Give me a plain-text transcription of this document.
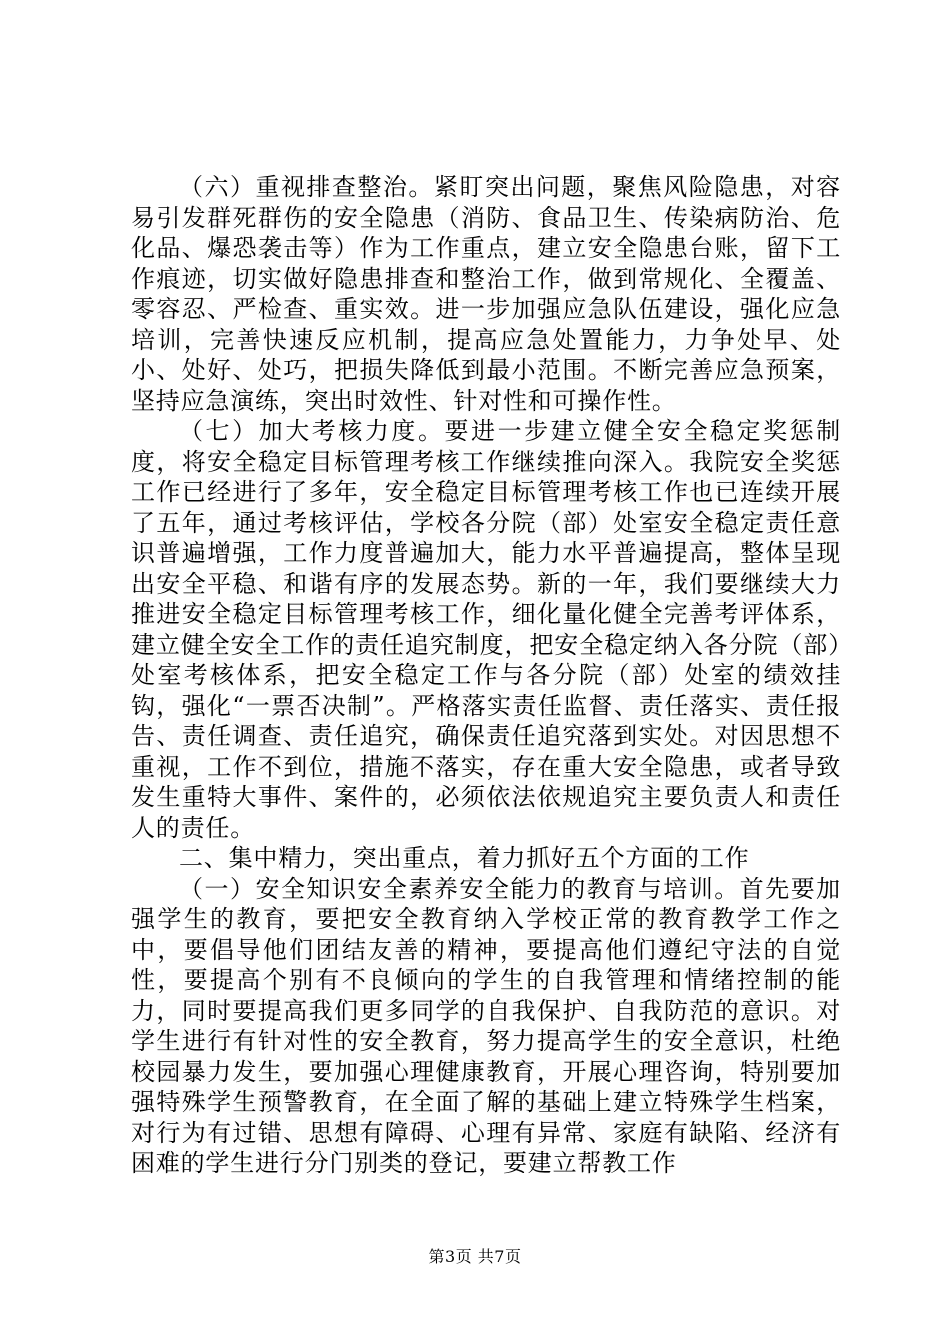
（六）重视排查整治。紧盯突出问题，聚焦风险隐患，对容易引发群死群伤的安全隐患（消防、食品卫生、传染病防治、危化品、爆恐袭击等）作为工作重点，建立安全隐患台账，留下工作痕迹，切实做好隐患排查和整治工作，做到常规化、全覆盖、零容忍、严检查、重实效。进一步加强应急队伍建设，强化应急培训，完善快速反应机制，提高应急处置能力，力争处早、处小、处好、处巧，把损失降低到最小范围。不断完善应急预案，坚持应急演练，突出时效性、针对性和可操作性。

（七）加大考核力度。要进一步建立健全安全稳定奖惩制度，将安全稳定目标管理考核工作继续推向深入。我院安全奖惩工作已经进行了多年，安全稳定目标管理考核工作也已连续开展了五年，通过考核评估，学校各分院（部）处室安全稳定责任意识普遍增强，工作力度普遍加大，能力水平普遍提高，整体呈现出安全平稳、和谐有序的发展态势。新的一年，我们要继续大力推进安全稳定目标管理考核工作，细化量化健全完善考评体系，建立健全安全工作的责任追究制度，把安全稳定纳入各分院（部）处室考核体系，把安全稳定工作与各分院（部）处室的绩效挂钩，强化“一票否决制”。严格落实责任监督、责任落实、责任报告、责任调查、责任追究，确保责任追究落到实处。对因思想不重视，工作不到位，措施不落实，存在重大安全隐患，或者导致发生重特大事件、案件的，必须依法依规追究主要负责人和责任人的责任。

二、集中精力，突出重点，着力抓好五个方面的工作

（一）安全知识安全素养安全能力的教育与培训。首先要加强学生的教育，要把安全教育纳入学校正常的教育教学工作之中，要倡导他们团结友善的精神，要提高他们遵纪守法的自觉性，要提高个别有不良倾向的学生的自我管理和情绪控制的能力，同时要提高我们更多同学的自我保护、自我防范的意识。对学生进行有针对性的安全教育，努力提高学生的安全意识，杜绝校园暴力发生，要加强心理健康教育，开展心理咨询，特别要加强特殊学生预警教育，在全面了解的基础上建立特殊学生档案，对行为有过错、思想有障碍、心理有异常、家庭有缺陷、经济有困难的学生进行分门别类的登记，要建立帮教工作

第3页 共7页
